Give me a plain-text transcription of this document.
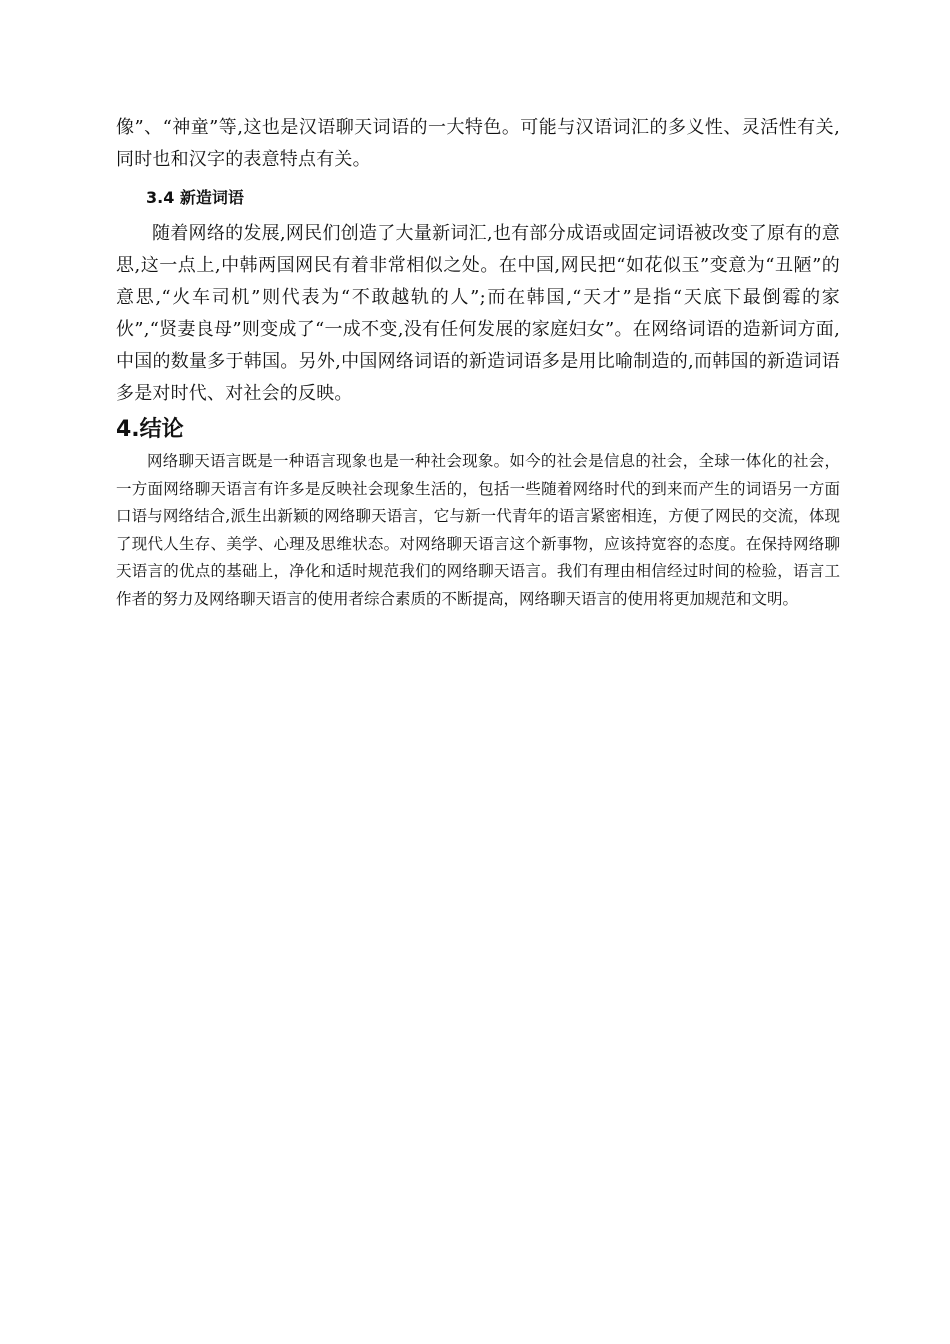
像”、“神童”等,这也是汉语聊天词语的一大特色。可能与汉语词汇的多义性、灵活性有关,同时也和汉字的表意特点有关。

3.4 新造词语

随着网络的发展,网民们创造了大量新词汇,也有部分成语或固定词语被改变了原有的意思,这一点上,中韩两国网民有着非常相似之处。在中国,网民把“如花似玉”变意为“丑陋”的意思,“火车司机”则代表为“不敢越轨的人”;而在韩国,“天才”是指“天底下最倒霉的家伙”,“贤妻良母”则变成了“一成不变,没有任何发展的家庭妇女”。在网络词语的造新词方面,中国的数量多于韩国。另外,中国网络词语的新造词语多是用比喻制造的,而韩国的新造词语多是对时代、对社会的反映。

4.结论

网络聊天语言既是一种语言现象也是一种社会现象。如今的社会是信息的社会，全球一体化的社会，一方面网络聊天语言有许多是反映社会现象生活的，包括一些随着网络时代的到来而产生的词语另一方面口语与网络结合,派生出新颖的网络聊天语言，它与新一代青年的语言紧密相连，方便了网民的交流，体现了现代人生存、美学、心理及思维状态。对网络聊天语言这个新事物，应该持宽容的态度。在保持网络聊天语言的优点的基础上，净化和适时规范我们的网络聊天语言。我们有理由相信经过时间的检验，语言工作者的努力及网络聊天语言的使用者综合素质的不断提高，网络聊天语言的使用将更加规范和文明。
